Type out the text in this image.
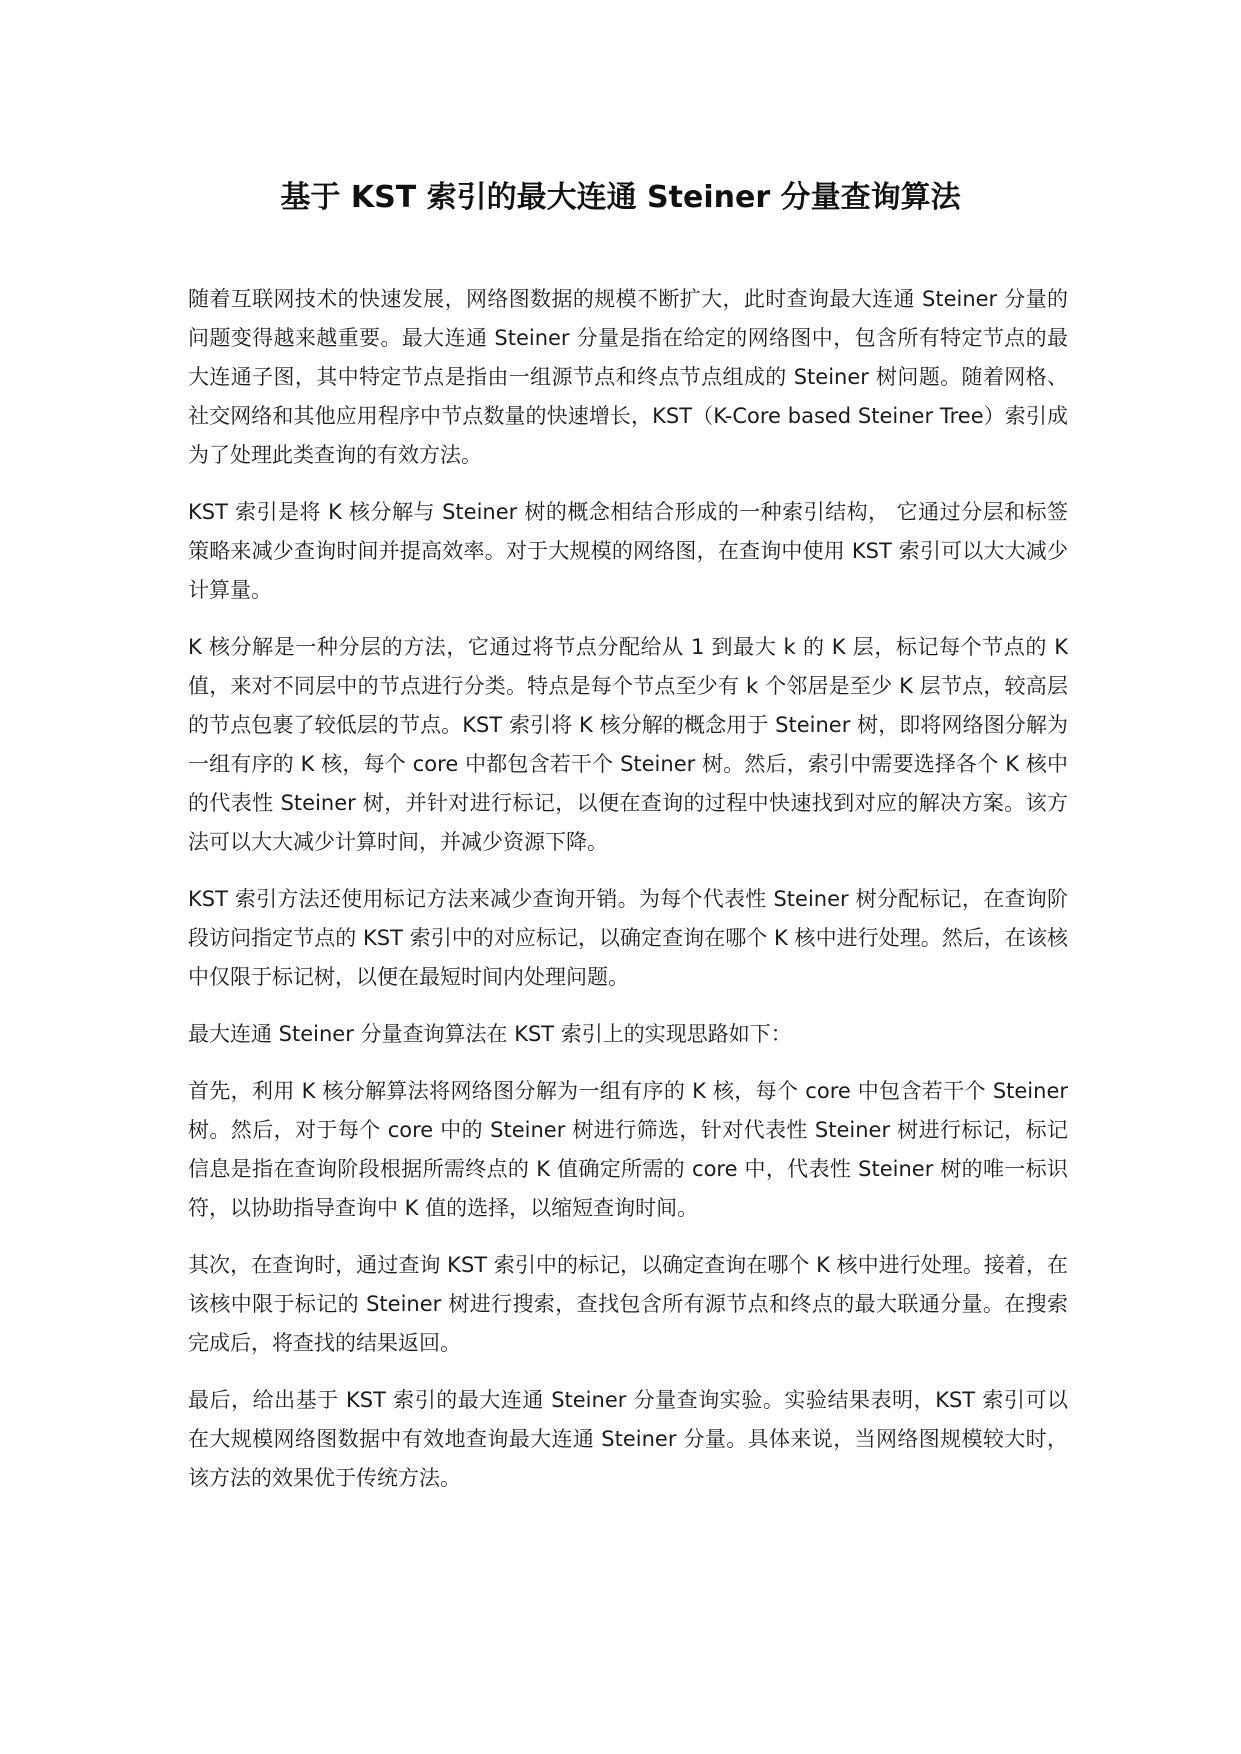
基于 KST 索引的最大连通 Steiner 分量查询算法

随着互联网技术的快速发展，网络图数据的规模不断扩大，此时查询最大连通 Steiner 分量的问题变得越来越重要。最大连通 Steiner 分量是指在给定的网络图中，包含所有特定节点的最大连通子图，其中特定节点是指由一组源节点和终点节点组成的 Steiner 树问题。随着网格、社交网络和其他应用程序中节点数量的快速增长，KST（K-Core based Steiner Tree）索引成为了处理此类查询的有效方法。

KST 索引是将 K 核分解与 Steiner 树的概念相结合形成的一种索引结构， 它通过分层和标签策略来减少查询时间并提高效率。对于大规模的网络图，在查询中使用 KST 索引可以大大减少计算量。

K 核分解是一种分层的方法，它通过将节点分配给从 1 到最大 k 的 K 层，标记每个节点的 K 值，来对不同层中的节点进行分类。特点是每个节点至少有 k 个邻居是至少 K 层节点，较高层的节点包裹了较低层的节点。KST 索引将 K 核分解的概念用于 Steiner 树，即将网络图分解为一组有序的 K 核，每个 core 中都包含若干个 Steiner 树。然后，索引中需要选择各个 K 核中的代表性 Steiner 树，并针对进行标记，以便在查询的过程中快速找到对应的解决方案。该方法可以大大减少计算时间，并减少资源下降。

KST 索引方法还使用标记方法来减少查询开销。为每个代表性 Steiner 树分配标记，在查询阶段访问指定节点的 KST 索引中的对应标记，以确定查询在哪个 K 核中进行处理。然后，在该核中仅限于标记树，以便在最短时间内处理问题。

最大连通 Steiner 分量查询算法在 KST 索引上的实现思路如下：

首先，利用 K 核分解算法将网络图分解为一组有序的 K 核，每个 core 中包含若干个 Steiner 树。然后，对于每个 core 中的 Steiner 树进行筛选，针对代表性 Steiner 树进行标记，标记信息是指在查询阶段根据所需终点的 K 值确定所需的 core 中，代表性 Steiner 树的唯一标识符，以协助指导查询中 K 值的选择，以缩短查询时间。

其次，在查询时，通过查询 KST 索引中的标记，以确定查询在哪个 K 核中进行处理。接着，在该核中限于标记的 Steiner 树进行搜索，查找包含所有源节点和终点的最大联通分量。在搜索完成后，将查找的结果返回。

最后，给出基于 KST 索引的最大连通 Steiner 分量查询实验。实验结果表明，KST 索引可以在大规模网络图数据中有效地查询最大连通 Steiner 分量。具体来说，当网络图规模较大时，该方法的效果优于传统方法。
